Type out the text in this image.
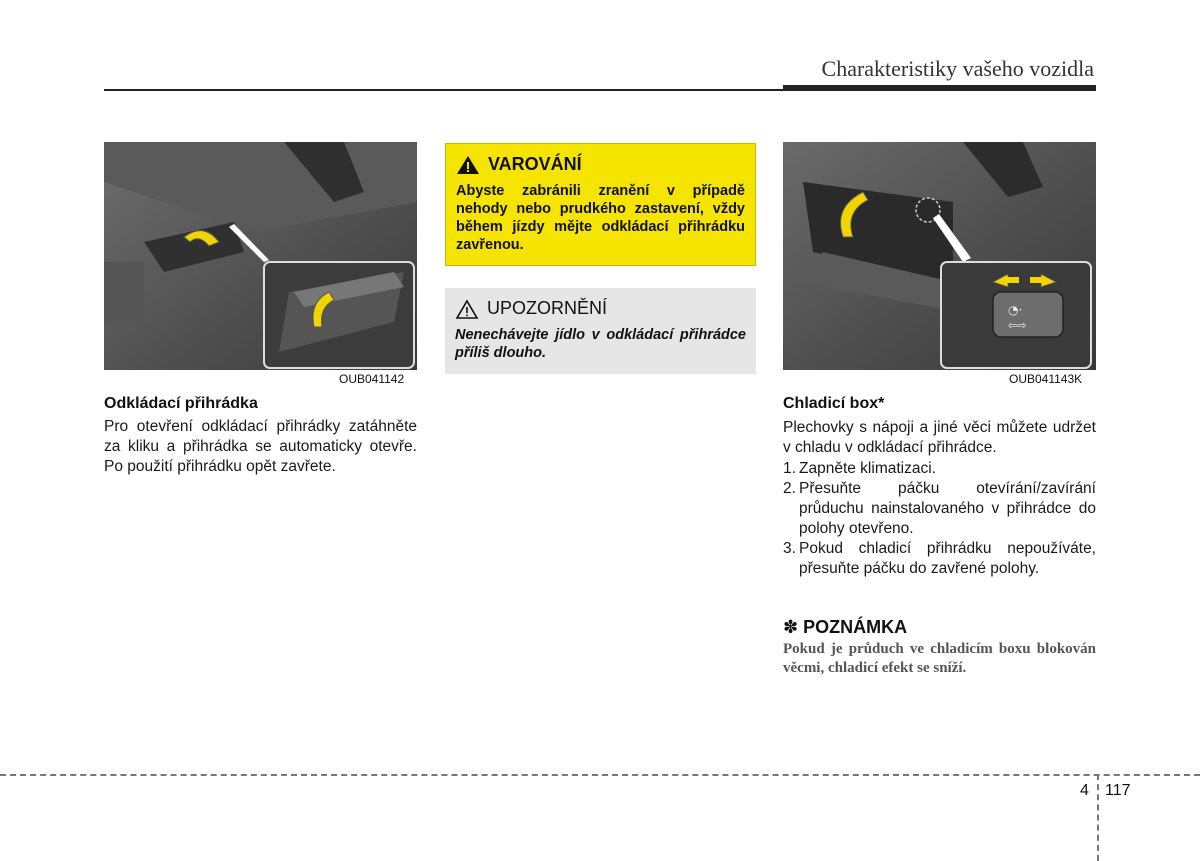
Charakteristiky vašeho vozidla
OUB041142
Odkládací přihrádka
Pro otevření odkládací přihrádky zatáhněte za kliku a přihrádka se automaticky otevře. Po použití přihrádku opět zavřete.
VAROVÁNÍ
Abyste zabránili zranění v případě nehody nebo prudkého zastavení, vždy během jízdy mějte odkládací přihrádku zavřenou.
UPOZORNĚNÍ
Nenechávejte jídlo v odkládací přihrádce příliš dlouho.
◔·
⇦⇨
OUB041143K
Chladicí box*
Plechovky s nápoji a jiné věci můžete udržet v chladu v odkládací přihrádce.
1. Zapněte klimatizaci.
2. Přesuňte páčku otevírání/zavírání průduchu nainstalovaného v přihrádce do polohy otevřeno.
3. Pokud chladicí přihrádku nepoužíváte, přesuňte páčku do zavřené polohy.
✽ POZNÁMKA
Pokud je průduch ve chladicím boxu blokován věcmi, chladicí efekt se sníží.
4 117
